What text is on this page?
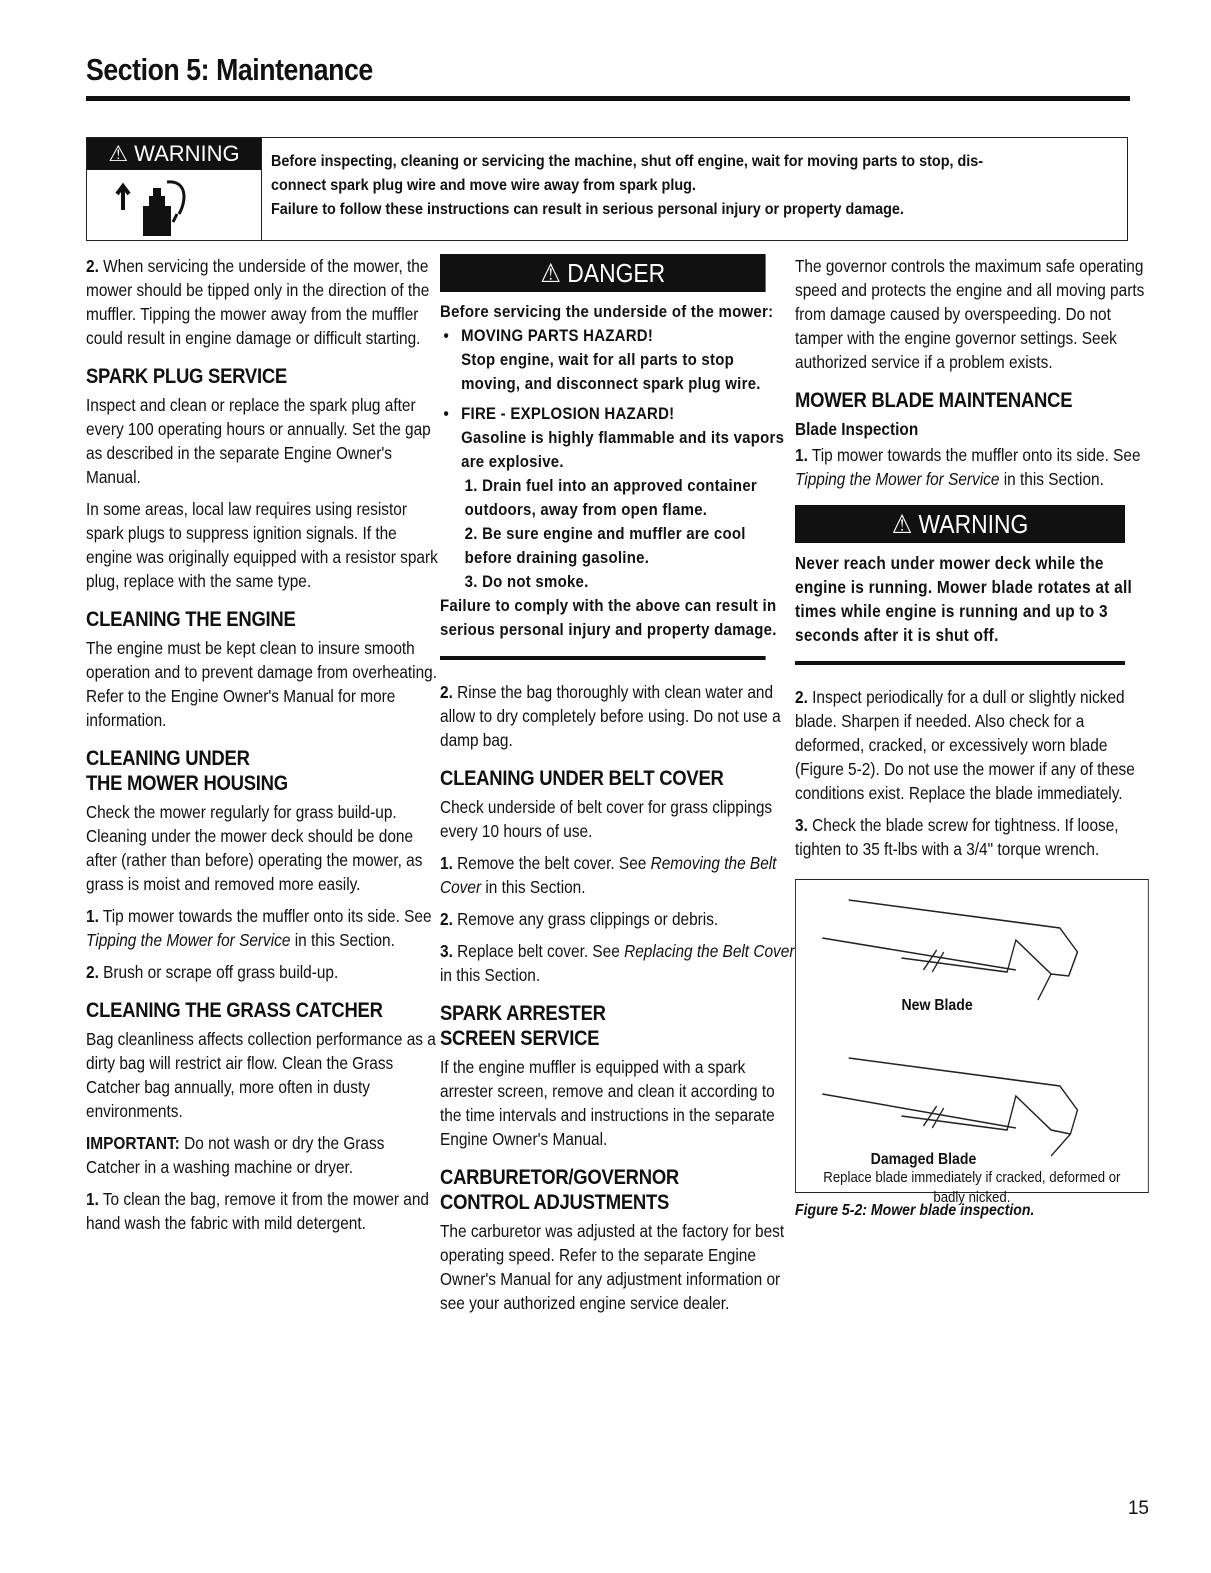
Section 5: Maintenance
⚠ WARNING	Before inspecting, cleaning or servicing the machine, shut off engine, wait for moving parts to stop, dis-

connect spark plug wire and move wire away from spark plug.

Failure to follow these instructions can result in serious personal injury or property damage.

2. When servicing the underside of the mower, the mower should be tipped only in the direction of the muffler. Tipping the mower away from the muffler could result in engine damage or difficult starting.

SPARK PLUG SERVICE

Inspect and clean or replace the spark plug after every 100 operating hours or annually. Set the gap as described in the separate Engine Owner's Manual.

In some areas, local law requires using resistor spark plugs to suppress ignition signals. If the engine was originally equipped with a resistor spark plug, replace with the same type.

CLEANING THE ENGINE

The engine must be kept clean to insure smooth operation and to prevent damage from overheating. Refer to the Engine Owner's Manual for more information.

CLEANING UNDER
THE MOWER HOUSING

Check the mower regularly for grass build-up. Cleaning under the mower deck should be done after (rather than before) operating the mower, as grass is moist and removed more easily.

1. Tip mower towards the muffler onto its side. See Tipping the Mower for Service in this Section.

2. Brush or scrape off grass build-up.

CLEANING THE GRASS CATCHER

Bag cleanliness affects collection performance as a dirty bag will restrict air flow. Clean the Grass Catcher bag annually, more often in dusty environments.

IMPORTANT: Do not wash or dry the Grass Catcher in a washing machine or dryer.

1. To clean the bag, remove it from the mower and hand wash the fabric with mild detergent.

⚠ DANGER
Before servicing the underside of the mower:
• MOVING PARTS HAZARD!
Stop engine, wait for all parts to stop moving, and disconnect spark plug wire.
• FIRE - EXPLOSION HAZARD!
Gasoline is highly flammable and its vapors are explosive.
1. Drain fuel into an approved container outdoors, away from open flame.
2. Be sure engine and muffler are cool before draining gasoline.
3. Do not smoke.
Failure to comply with the above can result in serious personal injury and property damage.

2. Rinse the bag thoroughly with clean water and allow to dry completely before using. Do not use a damp bag.

CLEANING UNDER BELT COVER

Check underside of belt cover for grass clippings every 10 hours of use.

1. Remove the belt cover. See Removing the Belt Cover in this Section.

2. Remove any grass clippings or debris.

3. Replace belt cover. See Replacing the Belt Cover in this Section.

SPARK ARRESTER
SCREEN SERVICE

If the engine muffler is equipped with a spark arrester screen, remove and clean it according to the time intervals and instructions in the separate Engine Owner's Manual.

CARBURETOR/GOVERNOR
CONTROL ADJUSTMENTS

The carburetor was adjusted at the factory for best operating speed. Refer to the separate Engine Owner's Manual for any adjustment information or see your authorized engine service dealer.

The governor controls the maximum safe operating speed and protects the engine and all moving parts from damage caused by overspeeding. Do not tamper with the engine governor settings. Seek authorized service if a problem exists.

MOWER BLADE MAINTENANCE
Blade Inspection

1. Tip mower towards the muffler onto its side. See Tipping the Mower for Service in this Section.

⚠ WARNING
Never reach under mower deck while the engine is running. Mower blade rotates at all times while engine is running and up to 3 seconds after it is shut off.

2. Inspect periodically for a dull or slightly nicked blade. Sharpen if needed. Also check for a deformed, cracked, or excessively worn blade (Figure 5-2). Do not use the mower if any of these conditions exist. Replace the blade immediately.

3. Check the blade screw for tightness. If loose, tighten to 35 ft-lbs with a 3/4" torque wrench.

New Blade
Damaged Blade
Replace blade immediately if cracked, deformed or badly nicked.
Figure 5-2: Mower blade inspection.
15
